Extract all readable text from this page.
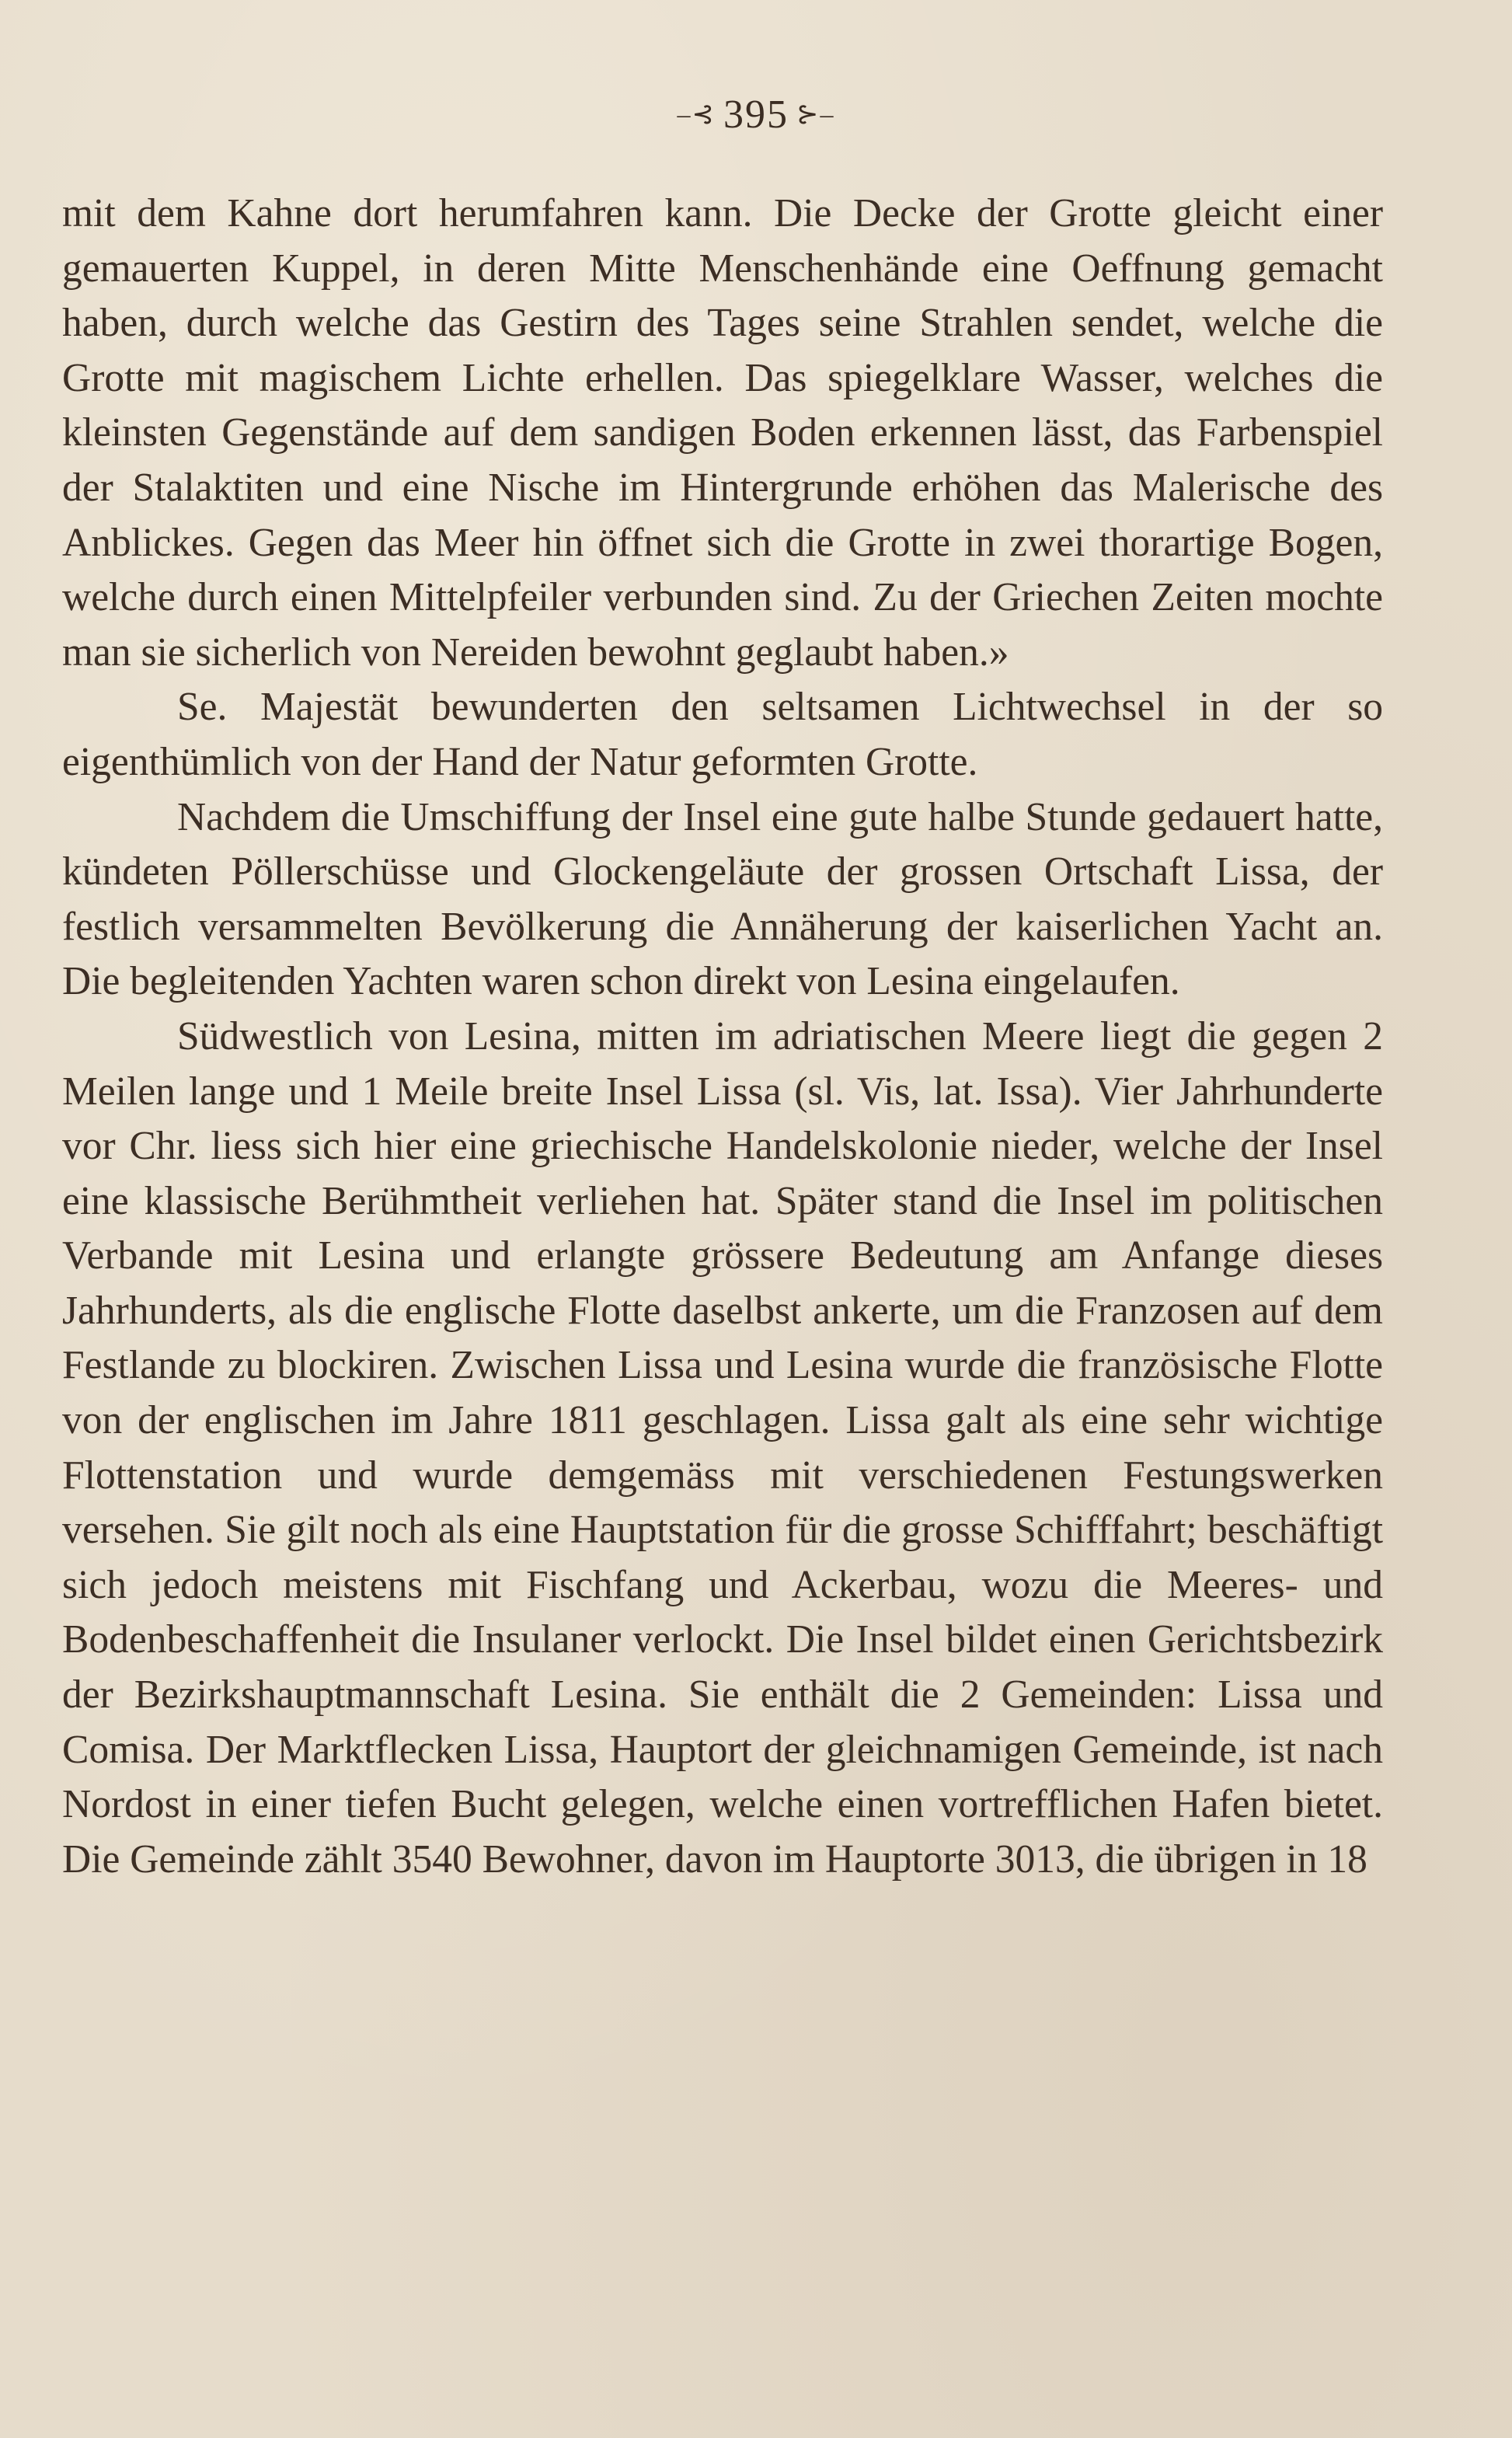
–⊰ 395 ⊱–

mit dem Kahne dort herumfahren kann. Die Decke der Grotte gleicht einer gemauerten Kuppel, in deren Mitte Menschenhände eine Oeffnung gemacht haben, durch welche das Gestirn des Tages seine Strahlen sendet, welche die Grotte mit magischem Lichte erhellen. Das spiegelklare Wasser, welches die kleinsten Gegenstände auf dem sandigen Boden erkennen lässt, das Farbenspiel der Stalaktiten und eine Nische im Hintergrunde erhöhen das Malerische des Anblickes. Gegen das Meer hin öffnet sich die Grotte in zwei thorartige Bogen, welche durch einen Mittelpfeiler verbunden sind. Zu der Griechen Zeiten mochte man sie sicherlich von Nereiden bewohnt geglaubt haben.»

Se. Majestät bewunderten den seltsamen Lichtwechsel in der so eigenthümlich von der Hand der Natur geformten Grotte.

Nachdem die Umschiffung der Insel eine gute halbe Stunde gedauert hatte, kündeten Pöllerschüsse und Glockengeläute der grossen Ortschaft Lissa, der festlich versammelten Bevölkerung die Annäherung der kaiserlichen Yacht an. Die begleitenden Yachten waren schon direkt von Lesina eingelaufen.

Südwestlich von Lesina, mitten im adriatischen Meere liegt die gegen 2 Meilen lange und 1 Meile breite Insel Lissa (sl. Vis, lat. Issa). Vier Jahrhunderte vor Chr. liess sich hier eine griechische Handelskolonie nieder, welche der Insel eine klassische Berühmtheit verliehen hat. Später stand die Insel im politischen Verbande mit Lesina und erlangte grössere Bedeutung am Anfange dieses Jahrhunderts, als die englische Flotte daselbst ankerte, um die Franzosen auf dem Festlande zu blockiren. Zwischen Lissa und Lesina wurde die französische Flotte von der englischen im Jahre 1811 geschlagen. Lissa galt als eine sehr wichtige Flottenstation und wurde demgemäss mit verschiedenen Festungswerken versehen. Sie gilt noch als eine Hauptstation für die grosse Schifffahrt; beschäftigt sich jedoch meistens mit Fischfang und Ackerbau, wozu die Meeres- und Bodenbeschaffenheit die Insulaner verlockt. Die Insel bildet einen Gerichtsbezirk der Bezirkshauptmannschaft Lesina. Sie enthält die 2 Gemeinden: Lissa und Comisa. Der Marktflecken Lissa, Hauptort der gleichnamigen Gemeinde, ist nach Nordost in einer tiefen Bucht gelegen, welche einen vortrefflichen Hafen bietet. Die Gemeinde zählt 3540 Bewohner, davon im Hauptorte 3013, die übrigen in 18
